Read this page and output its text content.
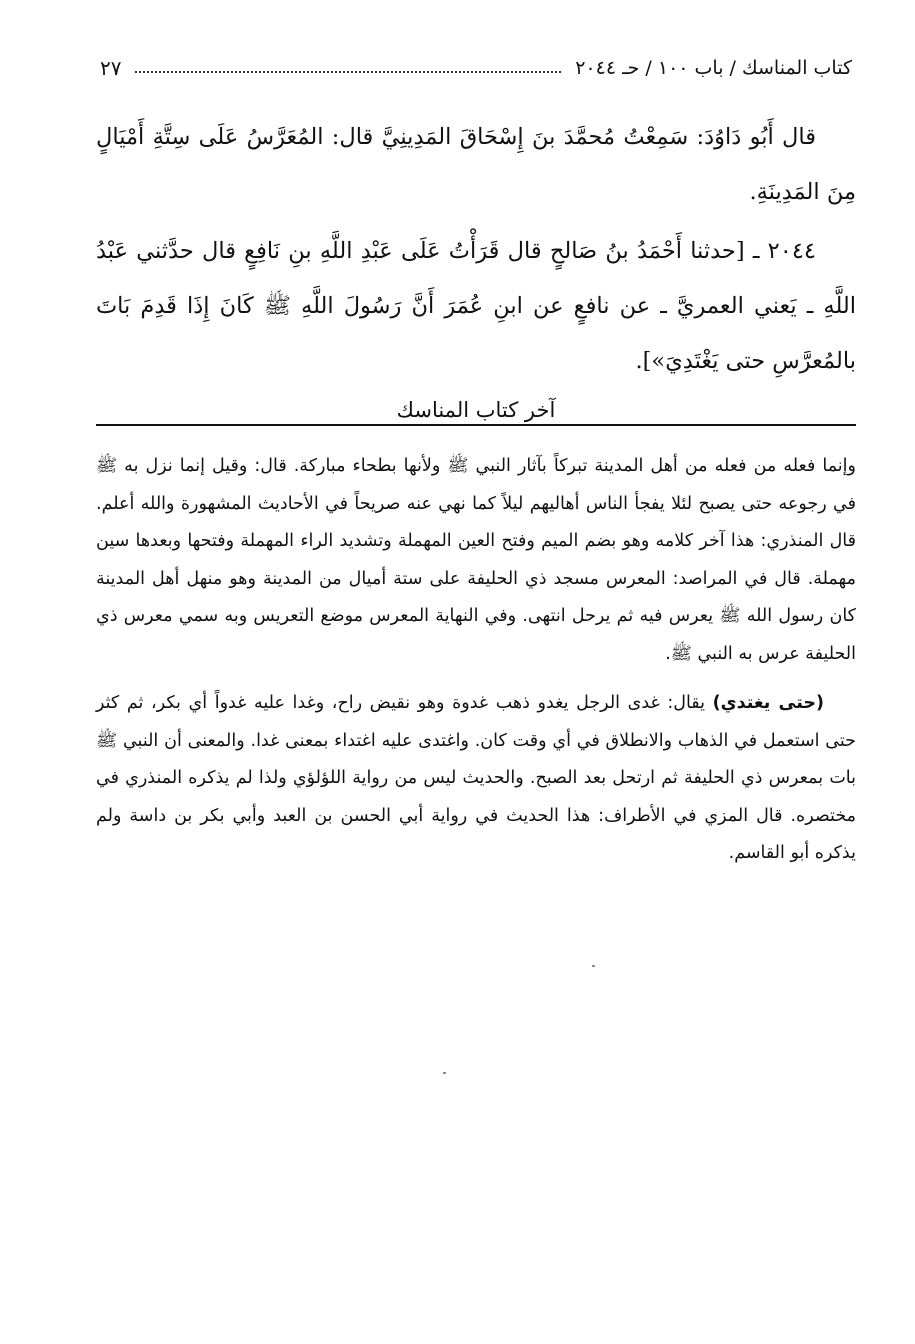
كتاب المناسك / باب ١٠٠ / حـ ٢٠٤٤
٢٧

قال أَبُو دَاوُدَ: سَمِعْتُ مُحمَّدَ بنَ إِسْحَاقَ المَدِينِيَّ قال: المُعَرَّسُ عَلَى سِتَّةِ أَمْيَالٍ مِنَ المَدِينَةِ.

٢٠٤٤ ـ [حدثنا أَحْمَدُ بنُ صَالحٍ قال قَرَأْتُ عَلَى عَبْدِ اللَّهِ بنِ نَافِعٍ قال حدَّثني عَبْدُ اللَّهِ ـ يَعني العمريَّ ـ عن نافعٍ عن ابنِ عُمَرَ أَنَّ رَسُولَ اللَّهِ ﷺ كَانَ إِذَا قَدِمَ بَاتَ بالمُعرَّسِ حتى يَغْتَدِيَ»].

آخر كتاب المناسك

وإنما فعله من فعله من أهل المدينة تبركاً بآثار النبي ﷺ ولأنها بطحاء مباركة. قال: وقيل إنما نزل به ﷺ في رجوعه حتى يصبح لئلا يفجأ الناس أهاليهم ليلاً كما نهي عنه صريحاً في الأحاديث المشهورة والله أعلم. قال المنذري: هذا آخر كلامه وهو بضم الميم وفتح العين المهملة وتشديد الراء المهملة وفتحها وبعدها سين مهملة. قال في المراصد: المعرس مسجد ذي الحليفة على ستة أميال من المدينة وهو منهل أهل المدينة كان رسول الله ﷺ يعرس فيه ثم يرحل انتهى. وفي النهاية المعرس موضع التعريس وبه سمي معرس ذي الحليفة عرس به النبي ﷺ.

(حتى يغتدي) يقال: غدى الرجل يغدو ذهب غدوة وهو نقيض راح، وغدا عليه غدواً أي بكر، ثم كثر حتى استعمل في الذهاب والانطلاق في أي وقت كان. واغتدى عليه اغتداء بمعنى غدا. والمعنى أن النبي ﷺ بات بمعرس ذي الحليفة ثم ارتحل بعد الصبح. والحديث ليس من رواية اللؤلؤي ولذا لم يذكره المنذري في مختصره. قال المزي في الأطراف: هذا الحديث في رواية أبي الحسن بن العبد وأبي بكر بن داسة ولم يذكره أبو القاسم.
